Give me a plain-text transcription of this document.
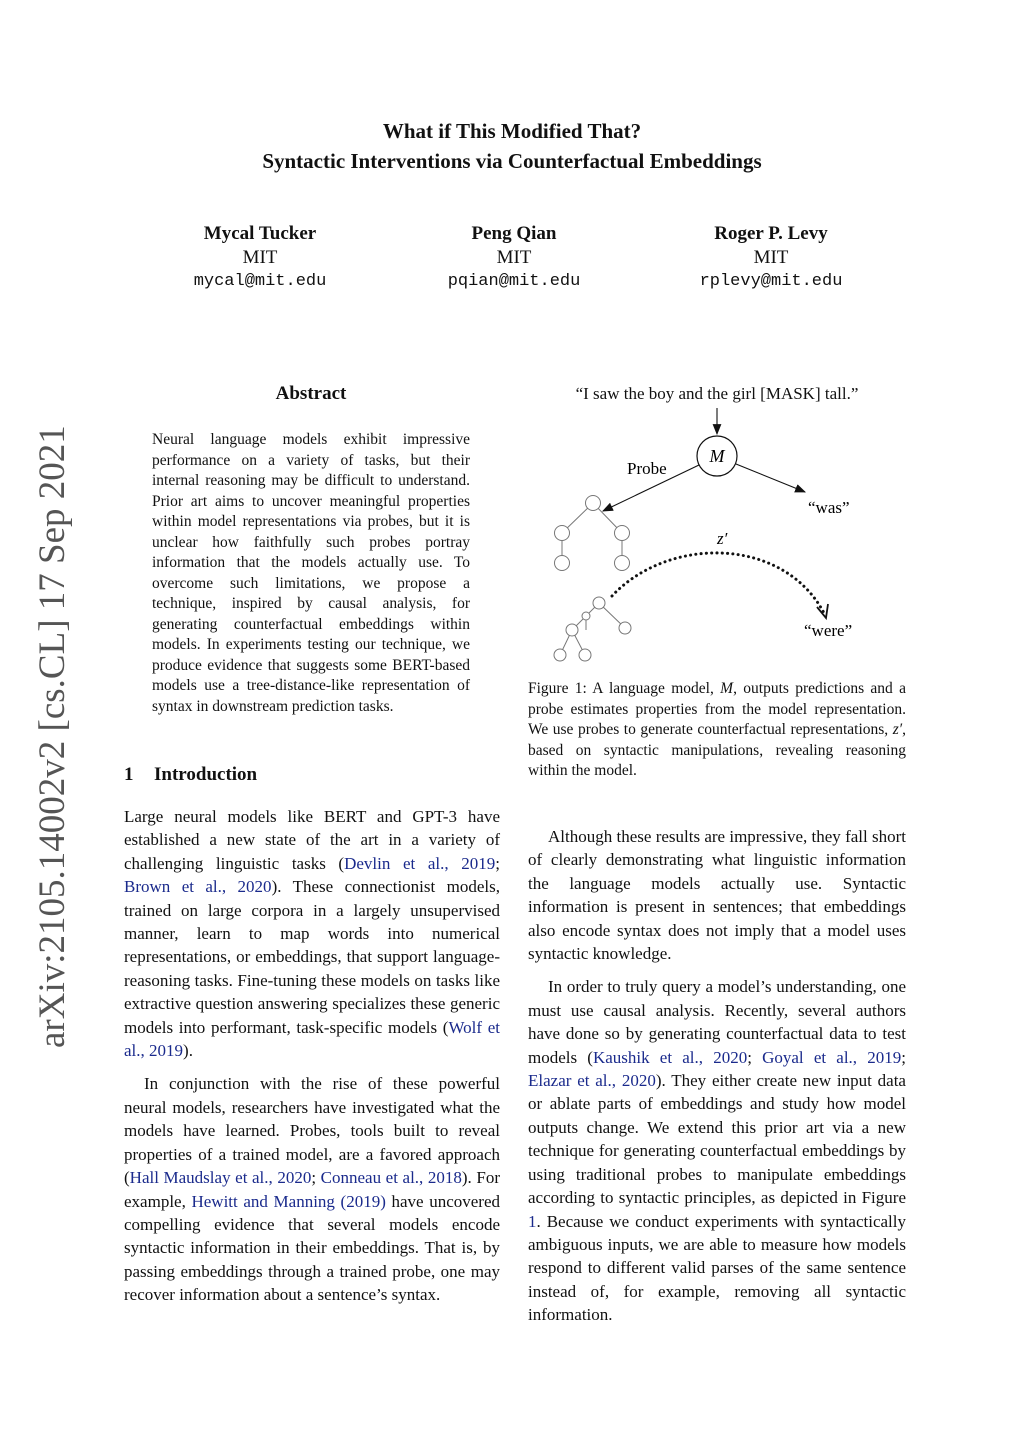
arXiv:2105.14002v2 [cs.CL] 17 Sep 2021
What if This Modified That?
Syntactic Interventions via Counterfactual Embeddings
Mycal Tucker
MIT
mycal@mit.edu
Peng Qian
MIT
pqian@mit.edu
Roger P. Levy
MIT
rplevy@mit.edu
Abstract
Neural language models exhibit impressive performance on a variety of tasks, but their internal reasoning may be difficult to understand. Prior art aims to uncover meaningful properties within model representations via probes, but it is unclear how faithfully such probes portray information that the models actually use. To overcome such limitations, we propose a technique, inspired by causal analysis, for generating counterfactual embeddings within models. In experiments testing our technique, we produce evidence that suggests some BERT-based models use a tree-distance-like representation of syntax in downstream prediction tasks.
1 Introduction

Large neural models like BERT and GPT-3 have established a new state of the art in a variety of challenging linguistic tasks (Devlin et al., 2019; Brown et al., 2020). These connectionist models, trained on large corpora in a largely unsupervised manner, learn to map words into numerical representations, or embeddings, that support language-reasoning tasks. Fine-tuning these models on tasks like extractive question answering specializes these generic models into performant, task-specific models (Wolf et al., 2019).

In conjunction with the rise of these powerful neural models, researchers have investigated what the models have learned. Probes, tools built to reveal properties of a trained model, are a favored approach (Hall Maudslay et al., 2020; Conneau et al., 2018). For example, Hewitt and Manning (2019) have uncovered compelling evidence that several models encode syntactic information in their embeddings. That is, by passing embeddings through a trained probe, one may recover information about a sentence’s syntax.

“I saw the boy and the girl [MASK] tall.”
M
Probe
“was”
z′
“were”
Figure 1: A language model, M, outputs predictions and a probe estimates properties from the model representation. We use probes to generate counterfactual representations, z′, based on syntactic manipulations, revealing reasoning within the model.

Although these results are impressive, they fall short of clearly demonstrating what linguistic information the language models actually use. Syntactic information is present in sentences; that embeddings also encode syntax does not imply that a model uses syntactic knowledge.

In order to truly query a model’s understanding, one must use causal analysis. Recently, several authors have done so by generating counterfactual data to test models (Kaushik et al., 2020; Goyal et al., 2019; Elazar et al., 2020). They either create new input data or ablate parts of embeddings and study how model outputs change. We extend this prior art via a new technique for generating counterfactual embeddings by using traditional probes to manipulate embeddings according to syntactic principles, as depicted in Figure 1. Because we conduct experiments with syntactically ambiguous inputs, we are able to measure how models respond to different valid parses of the same sentence instead of, for example, removing all syntactic information.
